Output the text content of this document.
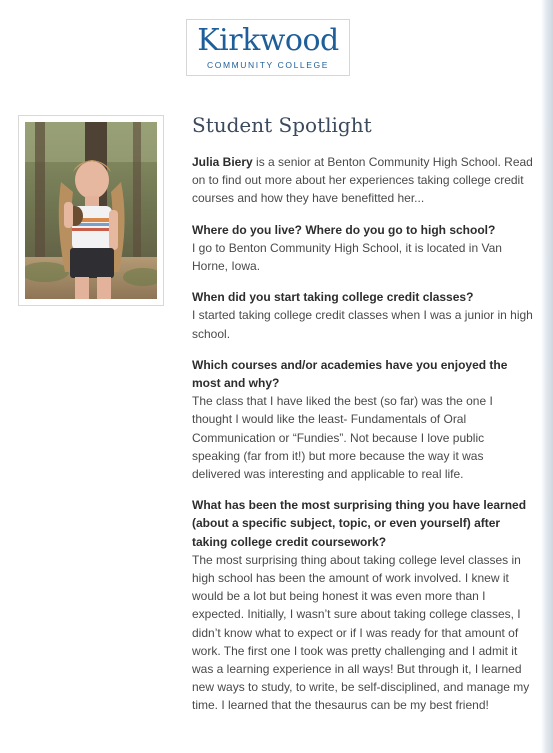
Kirkwood
COMMUNITY COLLEGE
Student Spotlight

Julia Biery is a senior at Benton Community High School. Read on to find out more about her experiences taking college credit courses and how they have benefitted her...

Where do you live? Where do you go to high school?
I go to Benton Community High School, it is located in Van Horne, Iowa.

When did you start taking college credit classes?
I started taking college credit classes when I was a junior in high school.

Which courses and/or academies have you enjoyed the most and why?
The class that I have liked the best (so far) was the one I thought I would like the least- Fundamentals of Oral Communication or “Fundies”. Not because I love public speaking (far from it!) but more because the way it was delivered was interesting and applicable to real life.

What has been the most surprising thing you have learned (about a specific subject, topic, or even yourself) after taking college credit coursework?
The most surprising thing about taking college level classes in high school has been the amount of work involved. I knew it would be a lot but being honest it was even more than I expected. Initially, I wasn’t sure about taking college classes, I didn’t know what to expect or if I was ready for that amount of work. The first one I took was pretty challenging and I admit it was a learning experience in all ways! But through it, I learned new ways to study, to write, be self-disciplined, and manage my time. I learned that the thesaurus can be my best friend!
